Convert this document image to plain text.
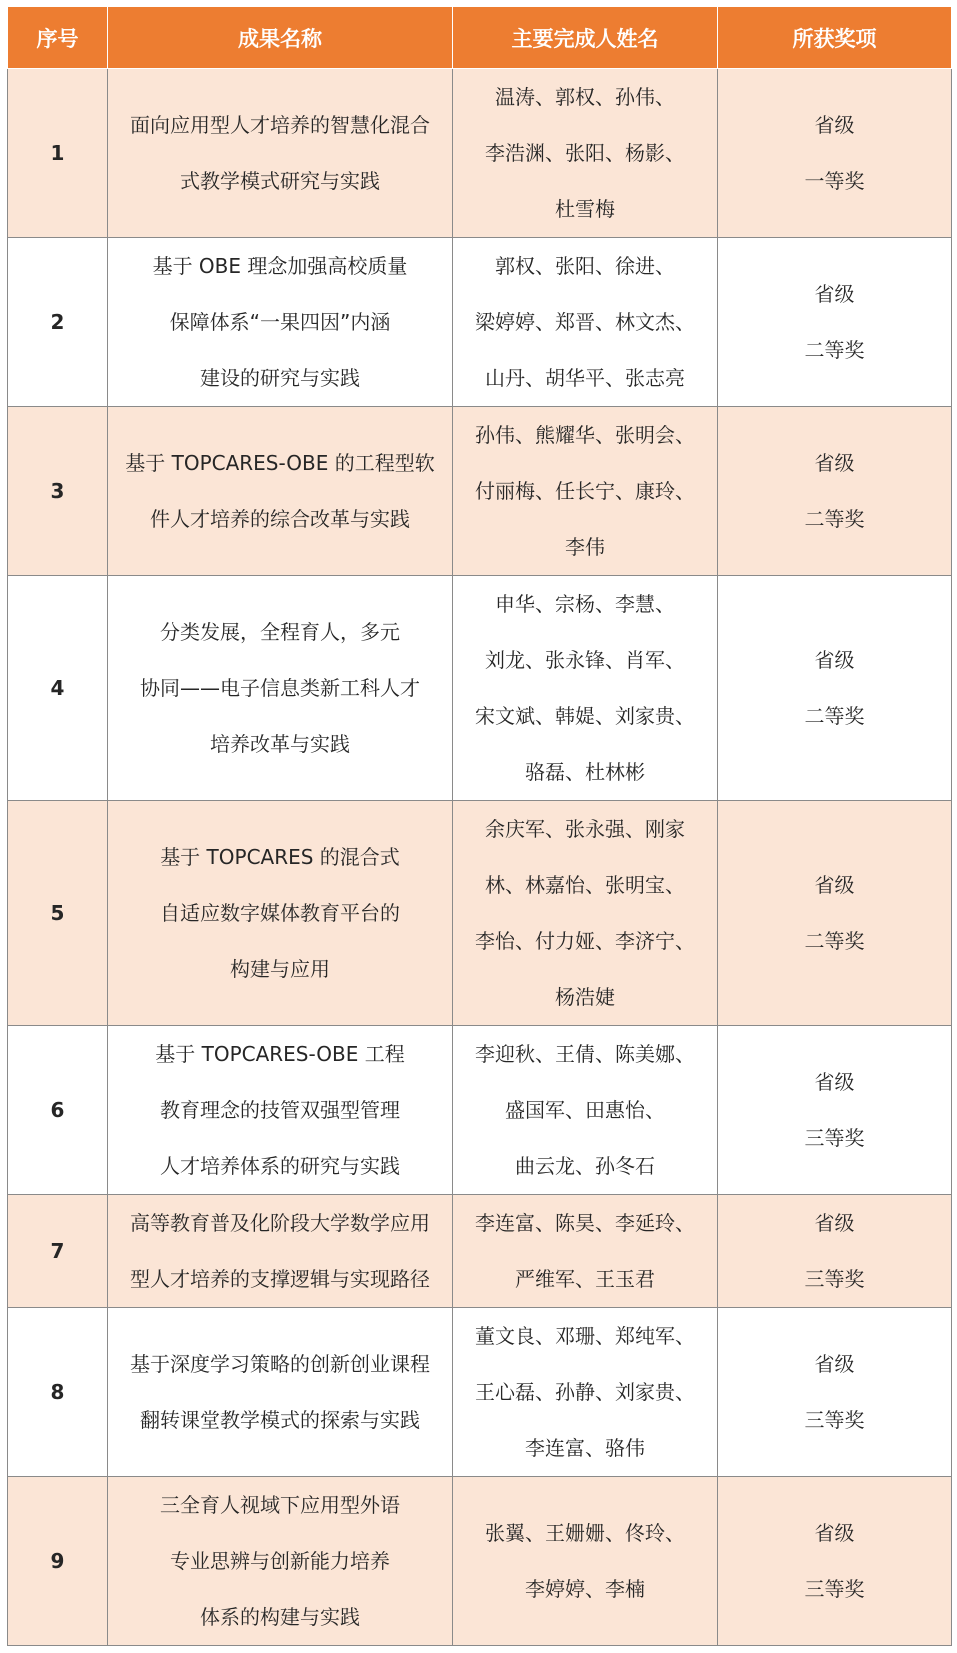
序号	成果名称	主要完成人姓名	所获奖项
1	面向应用型人才培养的智慧化混合
式教学模式研究与实践	温涛、郭权、孙伟、
李浩渊、张阳、杨影、
杜雪梅	省级
一等奖

2	基于 OBE 理念加强高校质量
保障体系“一果四因”内涵
建设的研究与实践	郭权、张阳、徐进、
梁婷婷、郑晋、林文杰、
山丹、胡华平、张志亮	省级
二等奖

3	基于 TOPCARES-OBE 的工程型软
件人才培养的综合改革与实践	孙伟、熊耀华、张明会、
付丽梅、任长宁、康玲、
李伟	省级
二等奖

4	分类发展，全程育人，多元
协同——电子信息类新工科人才
培养改革与实践	申华、宗杨、李慧、
刘龙、张永锋、肖军、
宋文斌、韩媞、刘家贵、
骆磊、杜林彬	省级
二等奖

5	基于 TOPCARES 的混合式
自适应数字媒体教育平台的
构建与应用	余庆军、张永强、刚家
林、林嘉怡、张明宝、
李怡、付力娅、李济宁、
杨浩婕	省级
二等奖

6	基于 TOPCARES-OBE 工程
教育理念的技管双强型管理
人才培养体系的研究与实践	李迎秋、王倩、陈美娜、
盛国军、田惠怡、
曲云龙、孙冬石	省级
三等奖

7	高等教育普及化阶段大学数学应用
型人才培养的支撑逻辑与实现路径	李连富、陈昊、李延玲、
严维军、王玉君	省级
三等奖

8	基于深度学习策略的创新创业课程
翻转课堂教学模式的探索与实践	董文良、邓珊、郑纯军、
王心磊、孙静、刘家贵、
李连富、骆伟	省级
三等奖

9	三全育人视域下应用型外语
专业思辨与创新能力培养
体系的构建与实践	张翼、王姗姗、佟玲、
李婷婷、李楠	省级
三等奖
